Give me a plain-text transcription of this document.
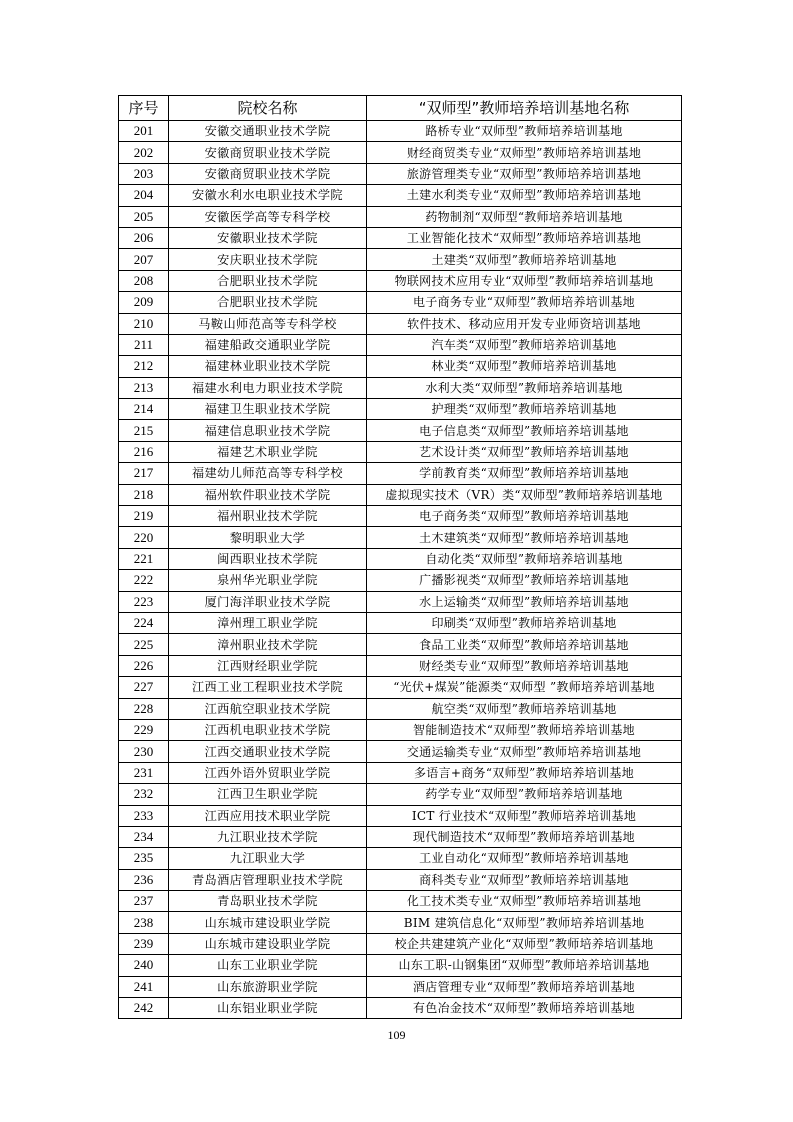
序号	院校名称	“双师型”教师培养培训基地名称
201	安徽交通职业技术学院	路桥专业“双师型”教师培养培训基地
202	安徽商贸职业技术学院	财经商贸类专业“双师型”教师培养培训基地
203	安徽商贸职业技术学院	旅游管理类专业“双师型”教师培养培训基地
204	安徽水利水电职业技术学院	土建水利类专业“双师型”教师培养培训基地
205	安徽医学高等专科学校	药物制剂“双师型“教师培养培训基地
206	安徽职业技术学院	工业智能化技术“双师型”教师培养培训基地
207	安庆职业技术学院	土建类“双师型”教师培养培训基地
208	合肥职业技术学院	物联网技术应用专业“双师型”教师培养培训基地
209	合肥职业技术学院	电子商务专业“双师型”教师培养培训基地
210	马鞍山师范高等专科学校	软件技术、移动应用开发专业师资培训基地
211	福建船政交通职业学院	汽车类“双师型”教师培养培训基地
212	福建林业职业技术学院	林业类“双师型”教师培养培训基地
213	福建水利电力职业技术学院	水利大类“双师型”教师培养培训基地
214	福建卫生职业技术学院	护理类“双师型”教师培养培训基地
215	福建信息职业技术学院	电子信息类“双师型”教师培养培训基地
216	福建艺术职业学院	艺术设计类“双师型”教师培养培训基地
217	福建幼儿师范高等专科学校	学前教育类“双师型”教师培养培训基地
218	福州软件职业技术学院	虚拟现实技术（VR）类“双师型”教师培养培训基地
219	福州职业技术学院	电子商务类“双师型”教师培养培训基地
220	黎明职业大学	土木建筑类“双师型”教师培养培训基地
221	闽西职业技术学院	自动化类“双师型”教师培养培训基地
222	泉州华光职业学院	广播影视类“双师型”教师培养培训基地
223	厦门海洋职业技术学院	水上运输类“双师型”教师培养培训基地
224	漳州理工职业学院	印刷类“双师型”教师培养培训基地
225	漳州职业技术学院	食品工业类“双师型”教师培养培训基地
226	江西财经职业学院	财经类专业“双师型”教师培养培训基地
227	江西工业工程职业技术学院	“光伏+煤炭”能源类“双师型 ”教师培养培训基地
228	江西航空职业技术学院	航空类“双师型”教师培养培训基地
229	江西机电职业技术学院	智能制造技术“双师型”教师培养培训基地
230	江西交通职业技术学院	交通运输类专业“双师型”教师培养培训基地
231	江西外语外贸职业学院	多语言+商务“双师型”教师培养培训基地
232	江西卫生职业学院	药学专业“双师型”教师培养培训基地
233	江西应用技术职业学院	ICT 行业技术“双师型”教师培养培训基地
234	九江职业技术学院	现代制造技术“双师型”教师培养培训基地
235	九江职业大学	工业自动化“双师型”教师培养培训基地
236	青岛酒店管理职业技术学院	商科类专业“双师型”教师培养培训基地
237	青岛职业技术学院	化工技术类专业“双师型”教师培养培训基地
238	山东城市建设职业学院	BIM 建筑信息化“双师型”教师培养培训基地
239	山东城市建设职业学院	校企共建建筑产业化“双师型”教师培养培训基地
240	山东工业职业学院	山东工职-山钢集团“双师型”教师培养培训基地
241	山东旅游职业学院	酒店管理专业“双师型”教师培养培训基地
242	山东铝业职业学院	有色冶金技术“双师型”教师培养培训基地
109
